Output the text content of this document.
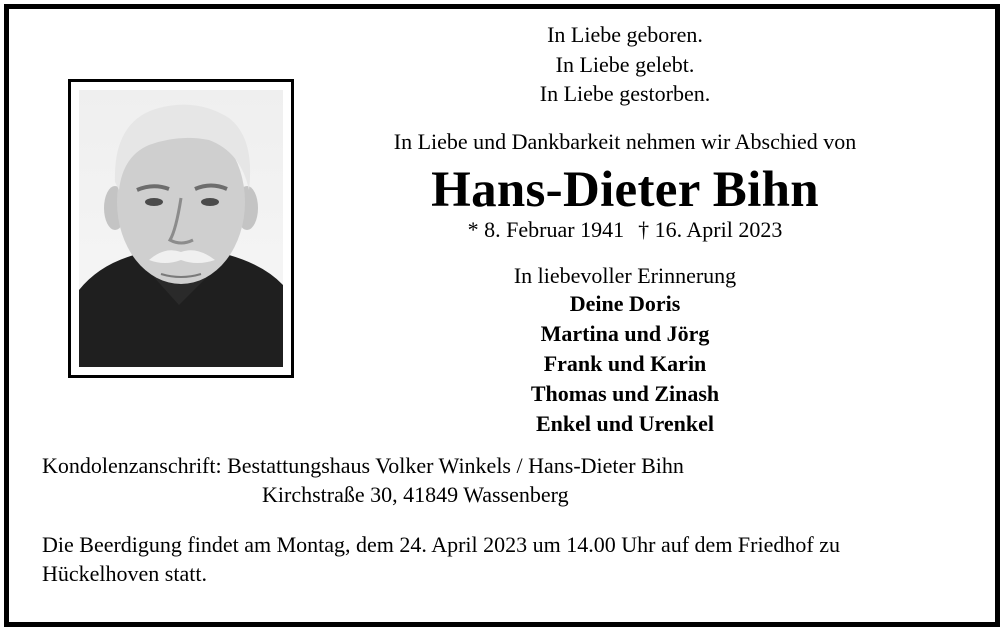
In Liebe geboren.
In Liebe gelebt.
In Liebe gestorben.
In Liebe und Dankbarkeit nehmen wir Abschied von
Hans-Dieter Bihn
* 8. Februar 1941 † 16. April 2023
In liebevoller Erinnerung
Deine Doris
Martina und Jörg
Frank und Karin
Thomas und Zinash
Enkel und Urenkel
Kondolenzanschrift: Bestattungshaus Volker Winkels / Hans-Dieter Bihn
Kirchstraße 30, 41849 Wassenberg
Die Beerdigung findet am Montag, dem 24. April 2023 um 14.00 Uhr auf dem Friedhof zu Hückelhoven statt.
